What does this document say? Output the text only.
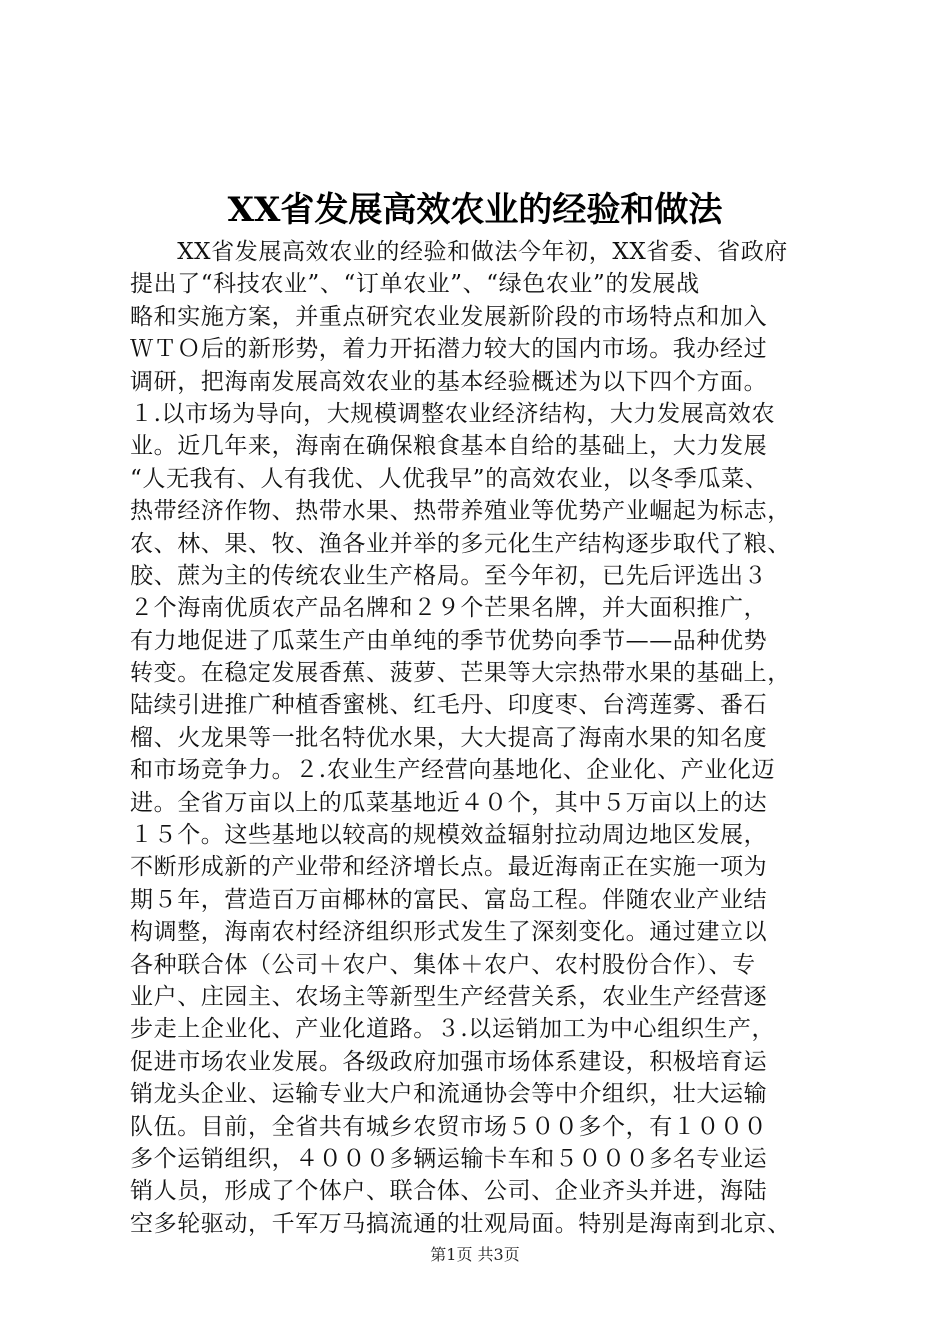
XX省发展高效农业的经验和做法
　　XX省发展高效农业的经验和做法今年初，XX省委、省政府
提出了“科技农业”、“订单农业”、“绿色农业”的发展战
略和实施方案，并重点研究农业发展新阶段的市场特点和加入
ＷＴＯ后的新形势，着力开拓潜力较大的国内市场。我办经过
调研，把海南发展高效农业的基本经验概述为以下四个方面。
１.以市场为导向，大规模调整农业经济结构，大力发展高效农
业。近几年来，海南在确保粮食基本自给的基础上，大力发展
“人无我有、人有我优、人优我早”的高效农业，以冬季瓜菜、
热带经济作物、热带水果、热带养殖业等优势产业崛起为标志，
农、林、果、牧、渔各业并举的多元化生产结构逐步取代了粮、
胶、蔗为主的传统农业生产格局。至今年初，已先后评选出３
２个海南优质农产品名牌和２９个芒果名牌，并大面积推广，
有力地促进了瓜菜生产由单纯的季节优势向季节——品种优势
转变。在稳定发展香蕉、菠萝、芒果等大宗热带水果的基础上，
陆续引进推广种植香蜜桃、红毛丹、印度枣、台湾莲雾、番石
榴、火龙果等一批名特优水果，大大提高了海南水果的知名度
和市场竞争力。２.农业生产经营向基地化、企业化、产业化迈
进。全省万亩以上的瓜菜基地近４０个，其中５万亩以上的达
１５个。这些基地以较高的规模效益辐射拉动周边地区发展，
不断形成新的产业带和经济增长点。最近海南正在实施一项为
期５年，营造百万亩椰林的富民、富岛工程。伴随农业产业结
构调整，海南农村经济组织形式发生了深刻变化。通过建立以
各种联合体（公司＋农户、集体＋农户、农村股份合作）、专
业户、庄园主、农场主等新型生产经营关系，农业生产经营逐
步走上企业化、产业化道路。３.以运销加工为中心组织生产，
促进市场农业发展。各级政府加强市场体系建设，积极培育运
销龙头企业、运输专业大户和流通协会等中介组织，壮大运输
队伍。目前，全省共有城乡农贸市场５００多个，有１０００
多个运销组织，４０００多辆运输卡车和５０００多名专业运
销人员，形成了个体户、联合体、公司、企业齐头并进，海陆
空多轮驱动，千军万马搞流通的壮观局面。特别是海南到北京、
第1页 共3页
